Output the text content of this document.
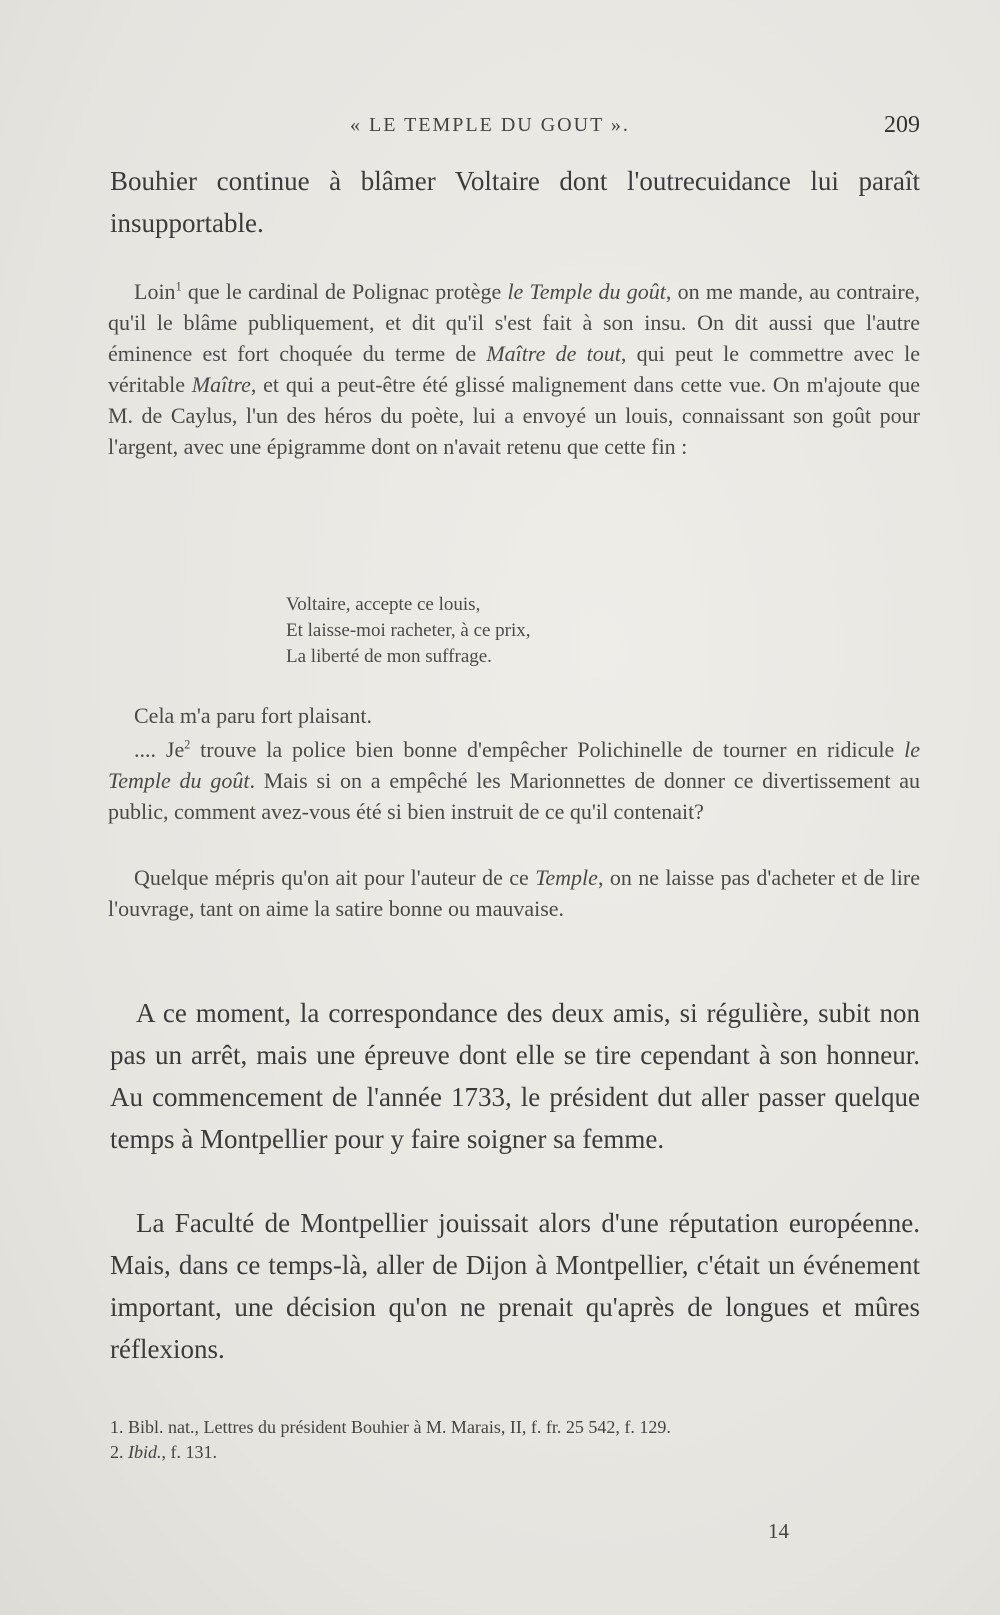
« LE TEMPLE DU GOUT ».	209

Bouhier continue à blâmer Voltaire dont l'outrecuidance lui paraît insupportable.

Loin$^1$ que le cardinal de Polignac protège le Temple du goût, on me mande, au contraire, qu'il le blâme publiquement, et dit qu'il s'est fait à son insu. On dit aussi que l'autre éminence est fort choquée du terme de Maître de tout, qui peut le commettre avec le véritable Maître, et qui a peut-être été glissé malignement dans cette vue. On m'ajoute que M. de Caylus, l'un des héros du poète, lui a envoyé un louis, connaissant son goût pour l'argent, avec une épigramme dont on n'avait retenu que cette fin :

Voltaire, accepte ce louis,
Et laisse-moi racheter, à ce prix,
La liberté de mon suffrage.

Cela m'a paru fort plaisant.

.... Je$^2$ trouve la police bien bonne d'empêcher Polichinelle de tourner en ridicule le Temple du goût. Mais si on a empêché les Marionnettes de donner ce divertissement au public, comment avez-vous été si bien instruit de ce qu'il contenait?

Quelque mépris qu'on ait pour l'auteur de ce Temple, on ne laisse pas d'acheter et de lire l'ouvrage, tant on aime la satire bonne ou mauvaise.

A ce moment, la correspondance des deux amis, si régulière, subit non pas un arrêt, mais une épreuve dont elle se tire cependant à son honneur. Au commencement de l'année 1733, le président dut aller passer quelque temps à Montpellier pour y faire soigner sa femme.

La Faculté de Montpellier jouissait alors d'une réputation européenne. Mais, dans ce temps-là, aller de Dijon à Montpellier, c'était un événement important, une décision qu'on ne prenait qu'après de longues et mûres réflexions.

1. Bibl. nat., Lettres du président Bouhier à M. Marais, II, f. fr. 25 542, f. 129.

2. Ibid., f. 131.

14
